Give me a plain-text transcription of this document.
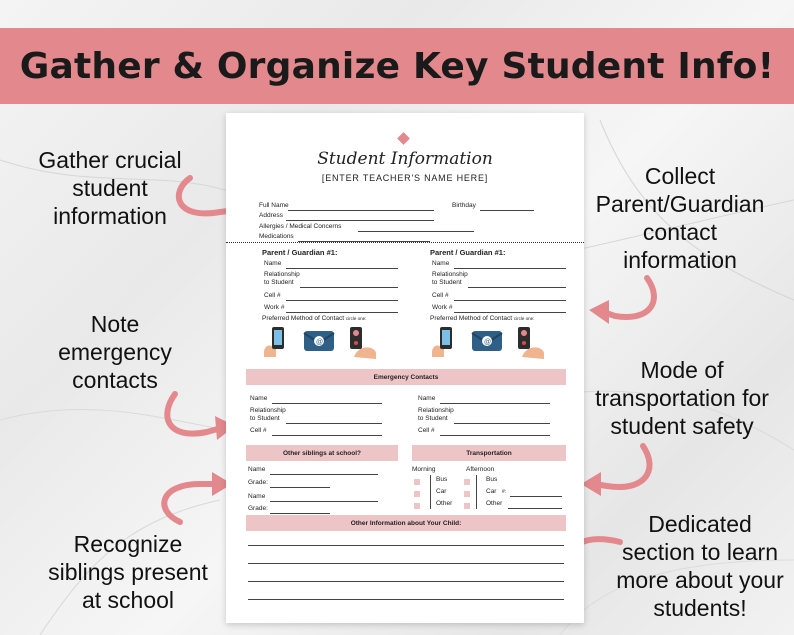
Gather & Organize Key Student Info!
Gather crucial
student
information
Collect
Parent/Guardian
contact
information
Note
emergency
contacts	Mode of
transportation for
student safety
Recognize
siblings present
at school
Dedicated
section to learn
more about your
students!
Student Information
[ENTER TEACHER'S NAME HERE]
Full Name	Birthday
Address
Allergies / Medical Concerns
Medications
Parent / Guardian #1:
Name
Relationship
to Student
Cell #
Work #
Preferred Method of Contact circle one:
@
Parent / Guardian #1:
Name
Relationship
to Student
Cell #
Work #
Preferred Method of Contact circle one:
@
Emergency Contacts
Name
Relationship
to Student
Cell #
Name
Relationship
to Student
Cell #
Other siblings at school?
Name
Grade:
Name
Grade:
Transportation
Morning	Afternoon
Bus
Car
Other
Bus
Car #:
Other
Other Information about Your Child:
